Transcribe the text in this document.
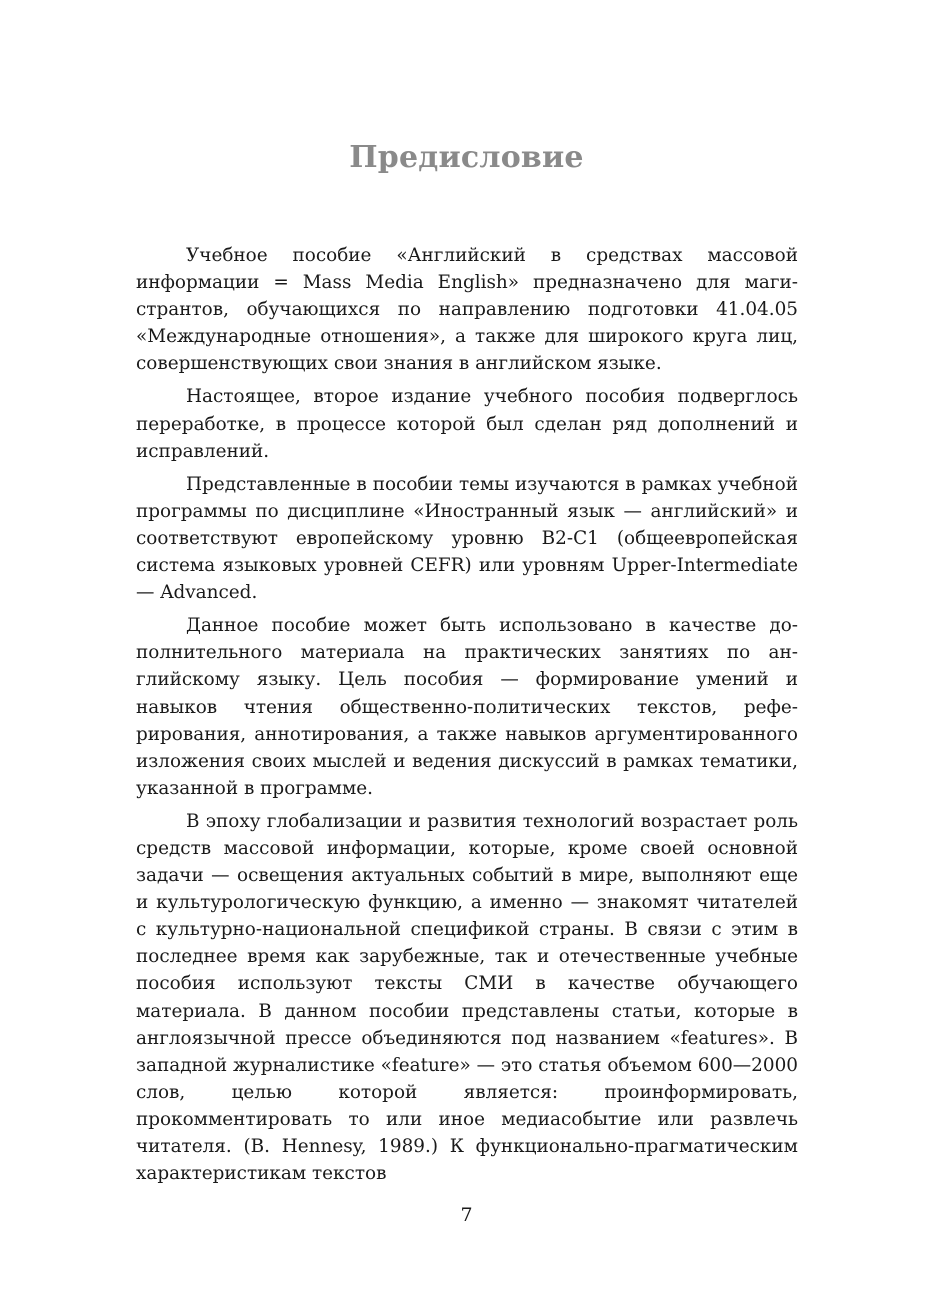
Предисловие

Учебное пособие «Английский в средствах массовой информации = Mass Media English» предназначено для магистрантов, обучающихся по направлению подготовки 41.04.05 «Международные отношения», а также для широкого круга лиц, совершенствующих свои знания в английском языке.

Настоящее, второе издание учебного пособия подверглось переработке, в процессе которой был сделан ряд дополнений и исправлений.

Представленные в пособии темы изучаются в рамках учебной программы по дисциплине «Иностранный язык — английский» и соответствуют европейскому уровню B2-C1 (общеевропейская система языковых уровней CEFR) или уровням Upper-Intermediate — Advanced.

Данное пособие может быть использовано в качестве дополнительного материала на практических занятиях по английскому языку. Цель пособия — формирование умений и навыков чтения общественно-политических текстов, реферирования, аннотирования, а также навыков аргументированного изложения своих мыслей и ведения дискуссий в рамках тематики, указанной в программе.

В эпоху глобализации и развития технологий возрастает роль средств массовой информации, которые, кроме своей основной задачи — освещения актуальных событий в мире, выполняют еще и культурологическую функцию, а именно — знакомят читателей с культурно-национальной спецификой страны. В связи с этим в последнее время как зарубежные, так и отечественные учебные пособия используют тексты СМИ в качестве обучающего материала. В данном пособии представлены статьи, которые в англоязычной прессе объединяются под названием «features». В западной журналистике «feature» — это статья объемом 600—2000 слов, целью которой является: проинформировать, прокомментировать то или иное медиасобытие или развлечь читателя. (B. Hennesy, 1989.) К функционально-прагматическим характеристикам текстов

7
